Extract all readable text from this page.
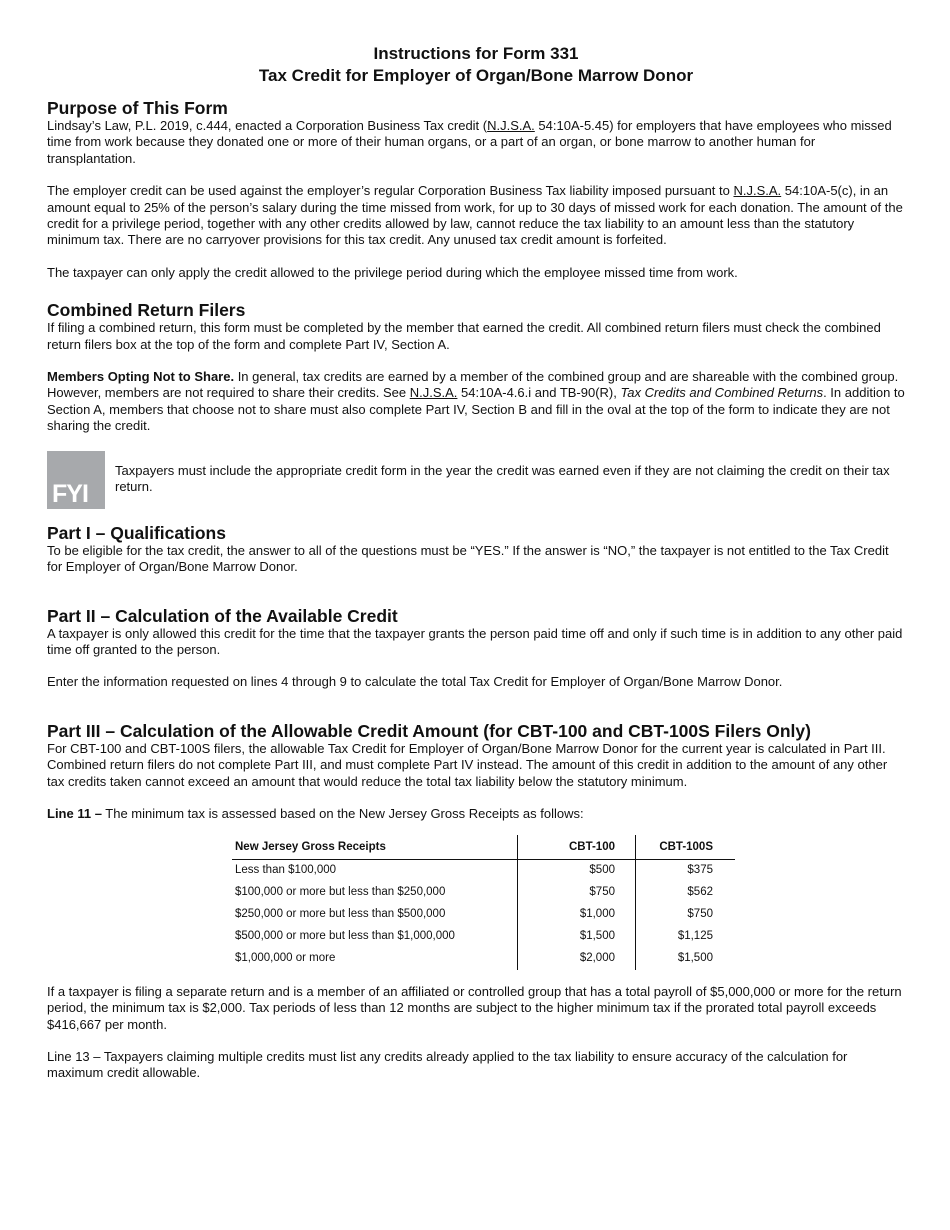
Instructions for Form 331
Tax Credit for Employer of Organ/Bone Marrow Donor
Purpose of This Form

Lindsay’s Law, P.L. 2019, c.444, enacted a Corporation Business Tax credit (N.J.S.A. 54:10A-5.45) for employers that have employees who missed time from work because they donated one or more of their human organs, or a part of an organ, or bone marrow to another human for transplantation.

The employer credit can be used against the employer’s regular Corporation Business Tax liability imposed pursuant to N.J.S.A. 54:10A-5(c), in an amount equal to 25% of the person’s salary during the time missed from work, for up to 30 days of missed work for each donation. The amount of the credit for a privilege period, together with any other credits allowed by law, cannot reduce the tax liability to an amount less than the statutory minimum tax. There are no carryover provisions for this tax credit. Any unused tax credit amount is forfeited.

The taxpayer can only apply the credit allowed to the privilege period during which the employee missed time from work.

Combined Return Filers

If filing a combined return, this form must be completed by the member that earned the credit. All combined return filers must check the combined return filers box at the top of the form and complete Part IV, Section A.

Members Opting Not to Share. In general, tax credits are earned by a member of the combined group and are shareable with the combined group. However, members are not required to share their credits. See N.J.S.A. 54:10A-4.6.i and TB-90(R), Tax Credits and Combined Returns. In addition to Section A, members that choose not to share must also complete Part IV, Section B and fill in the oval at the top of the form to indicate they are not sharing the credit.

FYI
Taxpayers must include the appropriate credit form in the year the credit was earned even if they are not claiming the credit on their tax return.
Part I – Qualifications

To be eligible for the tax credit, the answer to all of the questions must be “YES.” If the answer is “NO,” the taxpayer is not entitled to the Tax Credit for Employer of Organ/Bone Marrow Donor.

Part II – Calculation of the Available Credit

A taxpayer is only allowed this credit for the time that the taxpayer grants the person paid time off and only if such time is in addition to any other paid time off granted to the person.

Enter the information requested on lines 4 through 9 to calculate the total Tax Credit for Employer of Organ/Bone Marrow Donor.

Part III – Calculation of the Allowable Credit Amount (for CBT-100 and CBT-100S Filers Only)

For CBT-100 and CBT-100S filers, the allowable Tax Credit for Employer of Organ/Bone Marrow Donor for the current year is calculated in Part III. Combined return filers do not complete Part III, and must complete Part IV instead. The amount of this credit in addition to the amount of any other tax credits taken cannot exceed an amount that would reduce the total tax liability below the statutory minimum.

Line 11 – The minimum tax is assessed based on the New Jersey Gross Receipts as follows:

New Jersey Gross Receipts	CBT-100	CBT-100S
Less than $100,000	$500	$375
$100,000 or more but less than $250,000	$750	$562
$250,000 or more but less than $500,000	$1,000	$750
$500,000 or more but less than $1,000,000	$1,500	$1,125
$1,000,000 or more	$2,000	$1,500

If a taxpayer is filing a separate return and is a member of an affiliated or controlled group that has a total payroll of $5,000,000 or more for the return period, the minimum tax is $2,000. Tax periods of less than 12 months are subject to the higher minimum tax if the prorated total payroll exceeds $416,667 per month.

Line 13 – Taxpayers claiming multiple credits must list any credits already applied to the tax liability to ensure accuracy of the calculation for maximum credit allowable.
